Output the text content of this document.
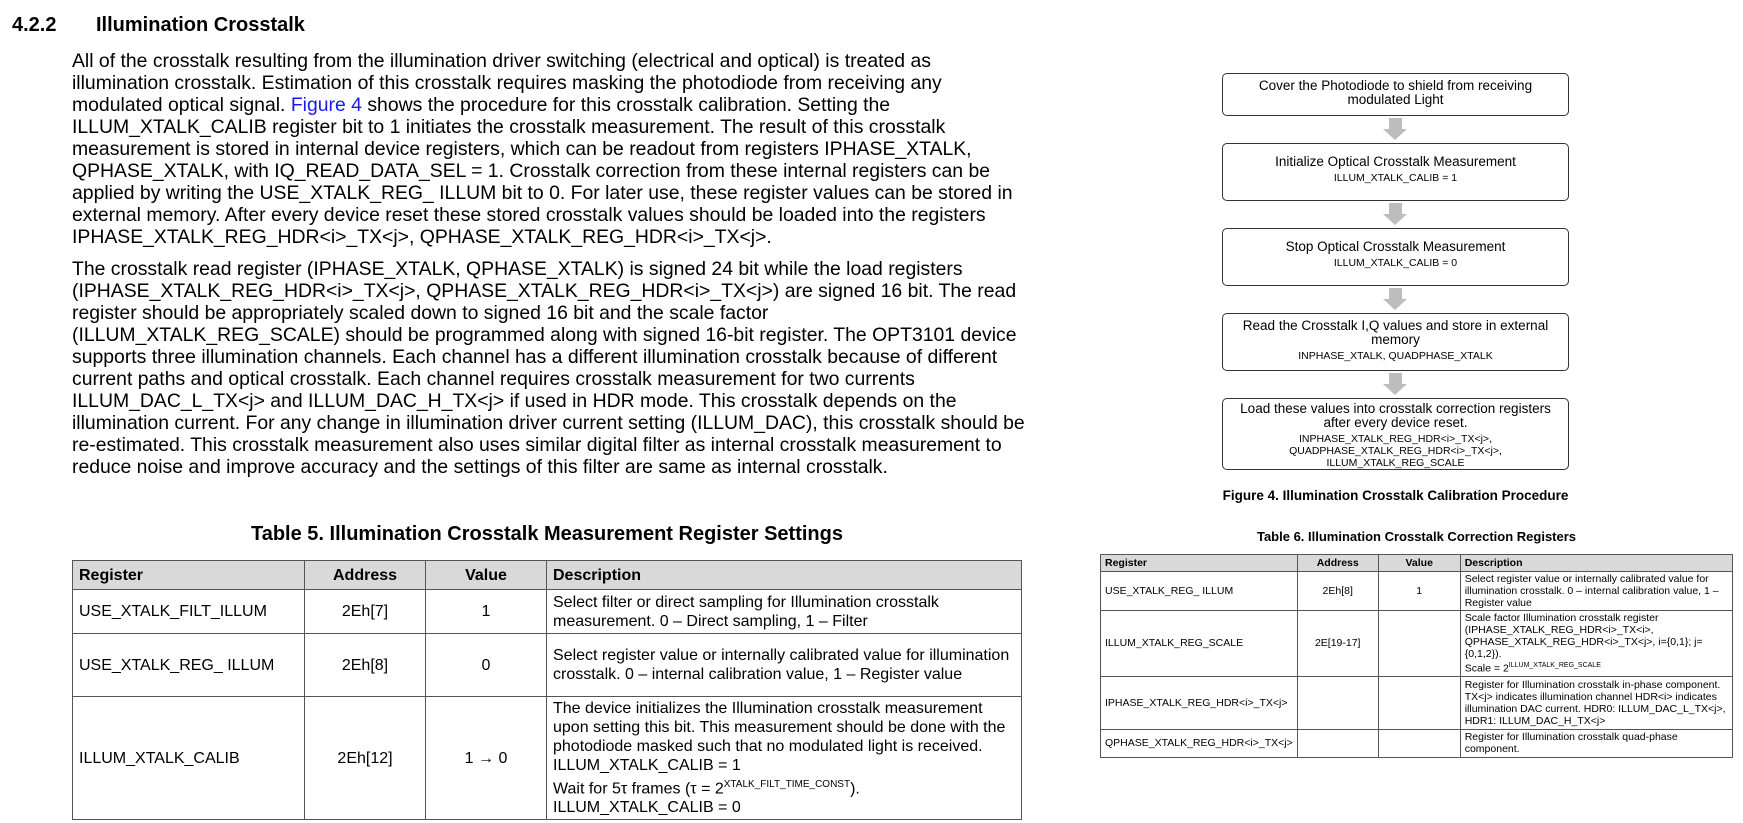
4.2.2 Illumination Crosstalk

All of the crosstalk resulting from the illumination driver switching (electrical and optical) is treated as illumination crosstalk. Estimation of this crosstalk requires masking the photodiode from receiving any modulated optical signal. Figure 4 shows the procedure for this crosstalk calibration. Setting the ILLUM_XTALK_CALIB register bit to 1 initiates the crosstalk measurement. The result of this crosstalk measurement is stored in internal device registers, which can be readout from registers IPHASE_XTALK, QPHASE_XTALK, with IQ_READ_DATA_SEL = 1. Crosstalk correction from these internal registers can be applied by writing the USE_XTALK_REG_ ILLUM bit to 0. For later use, these register values can be stored in external memory. After every device reset these stored crosstalk values should be loaded into the registers IPHASE_XTALK_REG_HDR<i>_TX<j>, QPHASE_XTALK_REG_HDR<i>_TX<j>.

The crosstalk read register (IPHASE_XTALK, QPHASE_XTALK) is signed 24 bit while the load registers (IPHASE_XTALK_REG_HDR<i>_TX<j>, QPHASE_XTALK_REG_HDR<i>_TX<j>) are signed 16 bit. The read register should be appropriately scaled down to signed 16 bit and the scale factor (ILLUM_XTALK_REG_SCALE) should be programmed along with signed 16-bit register. The OPT3101 device supports three illumination channels. Each channel has a different illumination crosstalk because of different current paths and optical crosstalk. Each channel requires crosstalk measurement for two currents ILLUM_DAC_L_TX<j> and ILLUM_DAC_H_TX<j> if used in HDR mode. This crosstalk depends on the illumination current. For any change in illumination driver current setting (ILLUM_DAC), this crosstalk should be re-estimated. This crosstalk measurement also uses similar digital filter as internal crosstalk measurement to reduce noise and improve accuracy and the settings of this filter are same as internal crosstalk.

Table 5. Illumination Crosstalk Measurement Register Settings
Register	Address	Value	Description
USE_XTALK_FILT_ILLUM	2Eh[7]	1	Select filter or direct sampling for Illumination crosstalk measurement. 0 – Direct sampling, 1 – Filter
USE_XTALK_REG_ ILLUM	2Eh[8]	0	Select register value or internally calibrated value for illumination crosstalk. 0 – internal calibration value, 1 – Register value
ILLUM_XTALK_CALIB	2Eh[12]	1 → 0	The device initializes the Illumination crosstalk measurement upon setting this bit. This measurement should be done with the photodiode masked such that no modulated light is received.
ILLUM_XTALK_CALIB = 1
Wait for 5τ frames $(\tau = 2^{XTALK\_FILT\_TIME\_CONST})$.
ILLUM_XTALK_CALIB = 0
Cover the Photodiode to shield from receiving modulated Light
Initialize Optical Crosstalk Measurement
ILLUM_XTALK_CALIB = 1
Stop Optical Crosstalk Measurement
ILLUM_XTALK_CALIB = 0
Read the Crosstalk I,Q values and store in external memory
INPHASE_XTALK, QUADPHASE_XTALK
Load these values into crosstalk correction registers after every device reset.
INPHASE_XTALK_REG_HDR<i>_TX<j>, QUADPHASE_XTALK_REG_HDR<i>_TX<j>, ILLUM_XTALK_REG_SCALE
Figure 4. Illumination Crosstalk Calibration Procedure
Table 6. Illumination Crosstalk Correction Registers
Register	Address	Value	Description
USE_XTALK_REG_ ILLUM	2Eh[8]	1	Select register value or internally calibrated value for illumination crosstalk. 0 – internal calibration value, 1 – Register value
ILLUM_XTALK_REG_SCALE	2E[19-17]		Scale factor Illumination crosstalk register (IPHASE_XTALK_REG_HDR<i>_TX<i>, QPHASE_XTALK_REG_HDR<i>_TX<j>, i={0,1}; j={0,1,2}).
Scale = $2^{ILLUM\_XTALK\_REG\_SCALE}$

IPHASE_XTALK_REG_HDR<i>_TX<j>			Register for Illumination crosstalk in-phase component. TX<j> indicates illumination channel HDR<i> indicates illumination DAC current. HDR0: ILLUM_DAC_L_TX<j>, HDR1: ILLUM_DAC_H_TX<j>
QPHASE_XTALK_REG_HDR<i>_TX<j>			Register for Illumination crosstalk quad-phase component.
